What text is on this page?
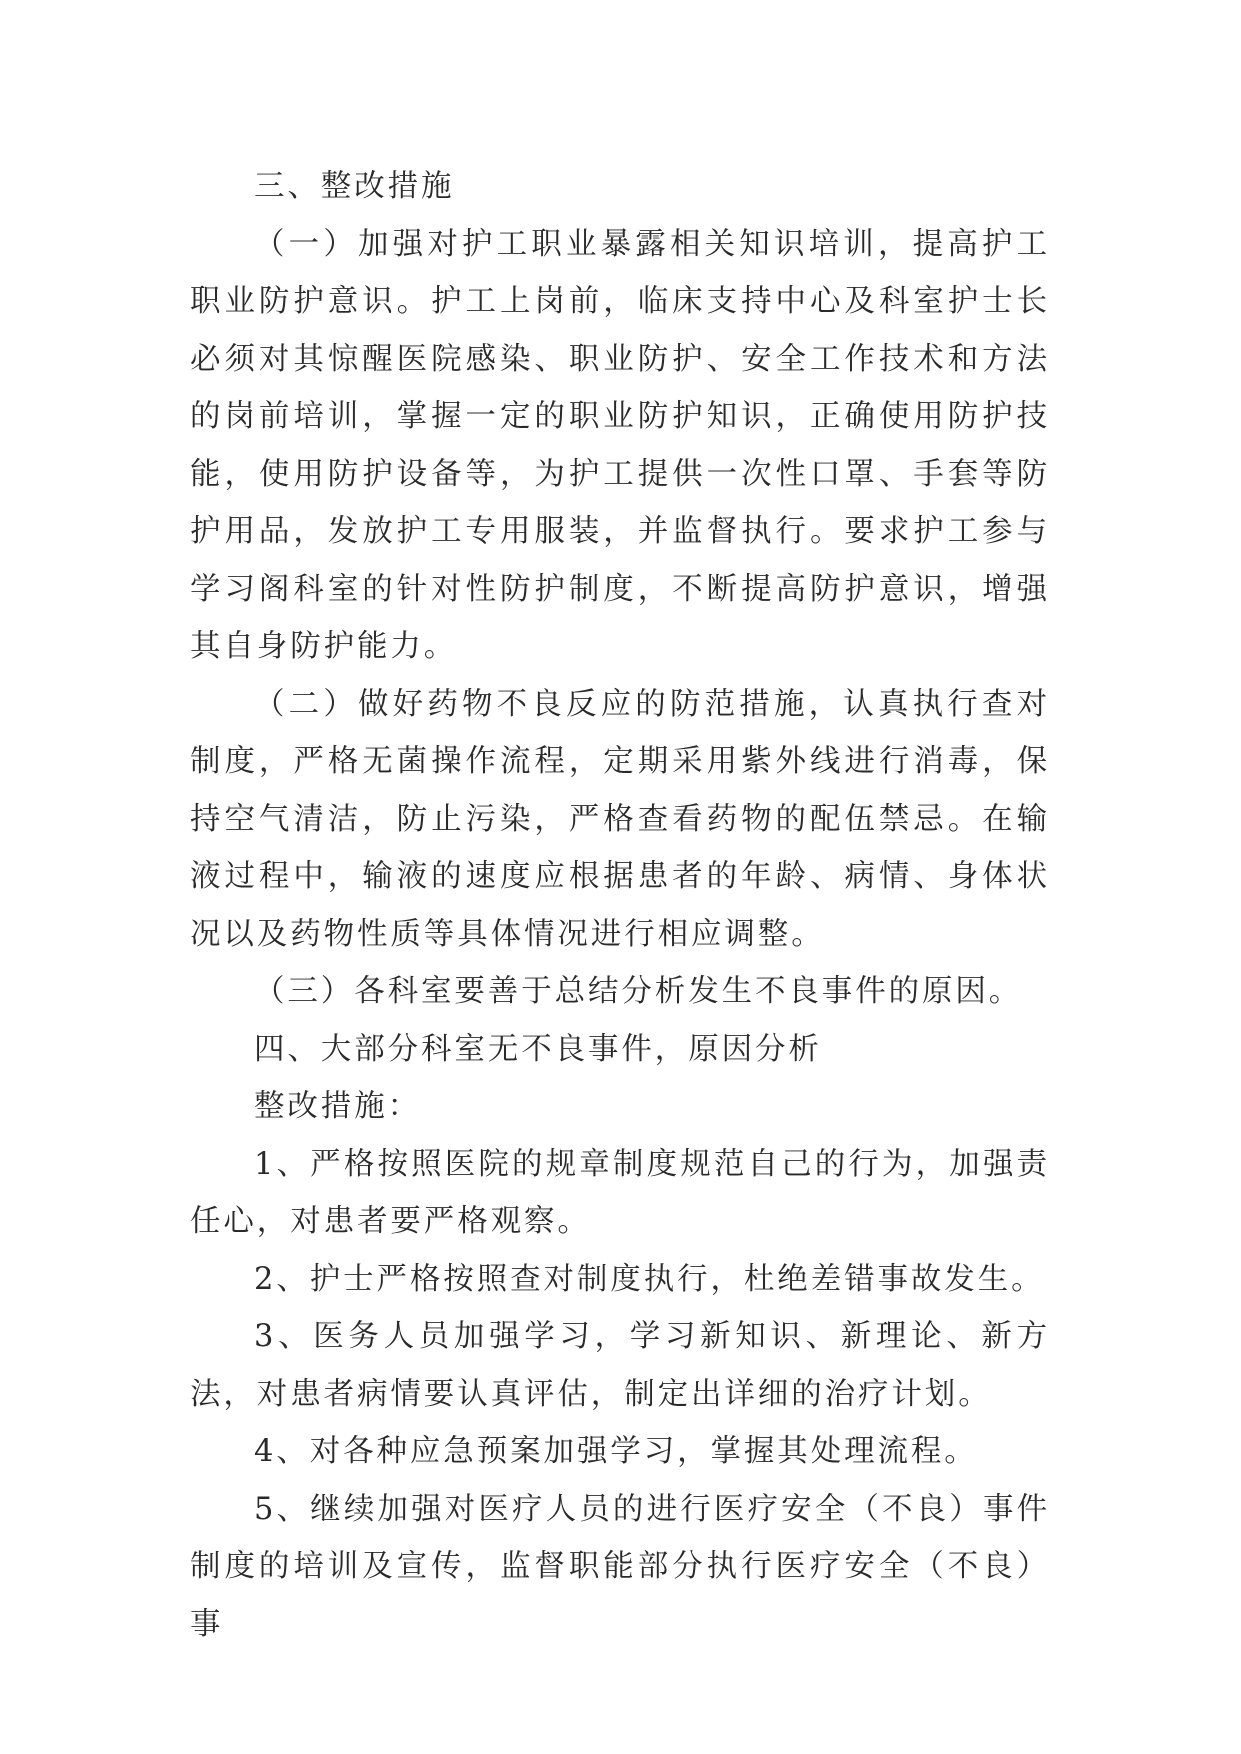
三、整改措施

（一）加强对护工职业暴露相关知识培训，提高护工职业防护意识。护工上岗前，临床支持中心及科室护士长必须对其惊醒医院感染、职业防护、安全工作技术和方法的岗前培训，掌握一定的职业防护知识，正确使用防护技能，使用防护设备等，为护工提供一次性口罩、手套等防护用品，发放护工专用服装，并监督执行。要求护工参与学习阁科室的针对性防护制度，不断提高防护意识，增强其自身防护能力。

（二）做好药物不良反应的防范措施，认真执行查对制度，严格无菌操作流程，定期采用紫外线进行消毒，保持空气清洁，防止污染，严格查看药物的配伍禁忌。在输液过程中，输液的速度应根据患者的年龄、病情、身体状况以及药物性质等具体情况进行相应调整。

（三）各科室要善于总结分析发生不良事件的原因。

四、大部分科室无不良事件，原因分析

整改措施：

1、严格按照医院的规章制度规范自己的行为，加强责任心，对患者要严格观察。

2、护士严格按照查对制度执行，杜绝差错事故发生。

3、医务人员加强学习，学习新知识、新理论、新方法，对患者病情要认真评估，制定出详细的治疗计划。

4、对各种应急预案加强学习，掌握其处理流程。

5、继续加强对医疗人员的进行医疗安全（不良）事件制度的培训及宣传，监督职能部分执行医疗安全（不良）事
